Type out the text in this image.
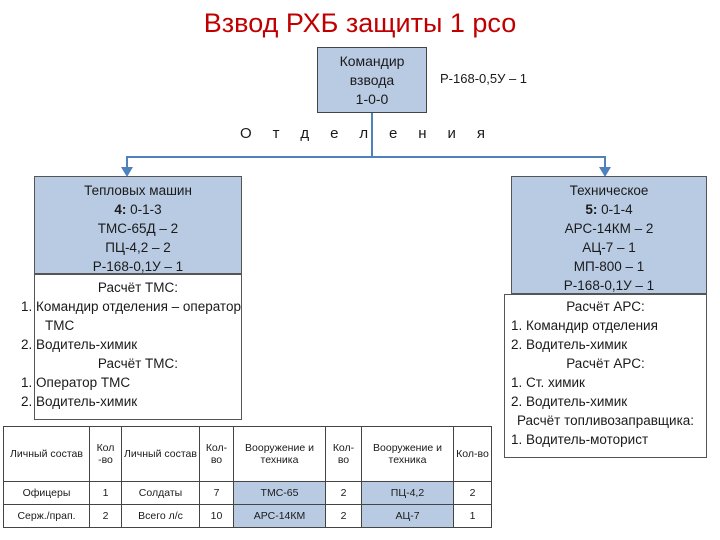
Взвод РХБ защиты 1 рсо
Командир
взвода
1-0-0
Р-168-0,5У – 1
О т д е л е н и я
Тепловых машин
4: 0-1-3
ТМС-65Д – 2
ПЦ-4,2 – 2
Р-168-0,1У – 1
Расчёт ТМС:
1. Командир отделения – оператор ТМС
2. Водитель-химик
Расчёт ТМС:
1. Оператор ТМС
2. Водитель-химик
Техническое
5: 0-1-4
АРС-14КМ – 2
АЦ-7 – 1
МП-800 – 1
Р-168-0,1У – 1
Расчёт АРС:
1. Командир отделения
2. Водитель-химик
Расчёт АРС:
1. Ст. химик
2. Водитель-химик
Расчёт топливозаправщика:
1. Водитель-моторист
Личный состав	Кол -во	Личный состав	Кол-во	Вооружение и техника	Кол-во	Вооружение и техника	Кол-во
Офицеры	1	Солдаты	7	ТМС-65	2	ПЦ-4,2	2
Серж./прап.	2	Всего л/с	10	АРС-14КМ	2	АЦ-7	1
